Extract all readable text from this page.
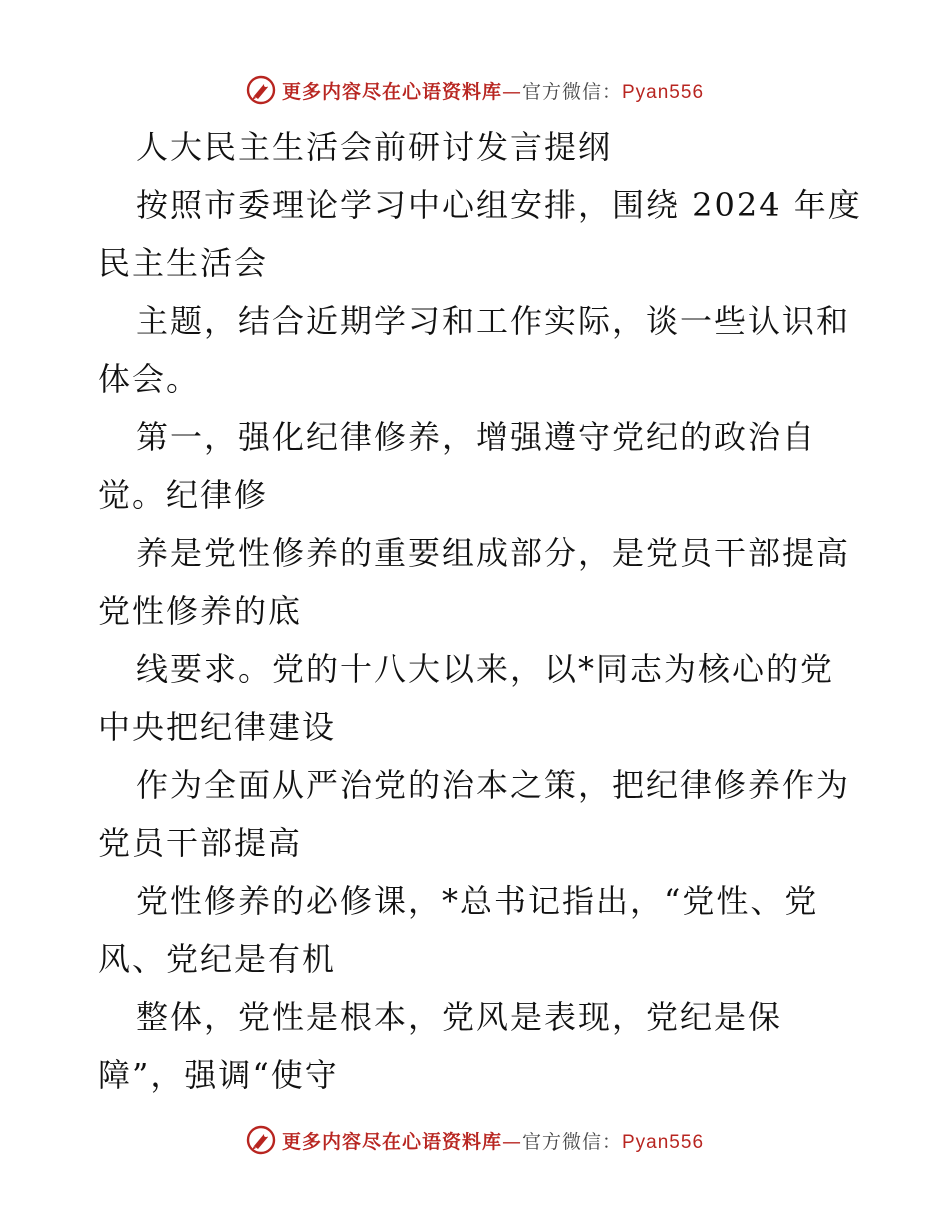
更多内容尽在心语资料库—官方微信：Pyan556
人大民主生活会前研讨发言提纲
按照市委理论学习中心组安排，围绕 2024 年度
民主生活会
主题，结合近期学习和工作实际，谈一些认识和
体会。
第一，强化纪律修养，增强遵守党纪的政治自
觉。纪律修
养是党性修养的重要组成部分，是党员干部提高
党性修养的底
线要求。党的十八大以来，以*同志为核心的党
中央把纪律建设
作为全面从严治党的治本之策，把纪律修养作为
党员干部提高
党性修养的必修课，*总书记指出，“党性、党
风、党纪是有机
整体，党性是根本，党风是表现，党纪是保
障”，强调“使守
更多内容尽在心语资料库—官方微信：Pyan556
